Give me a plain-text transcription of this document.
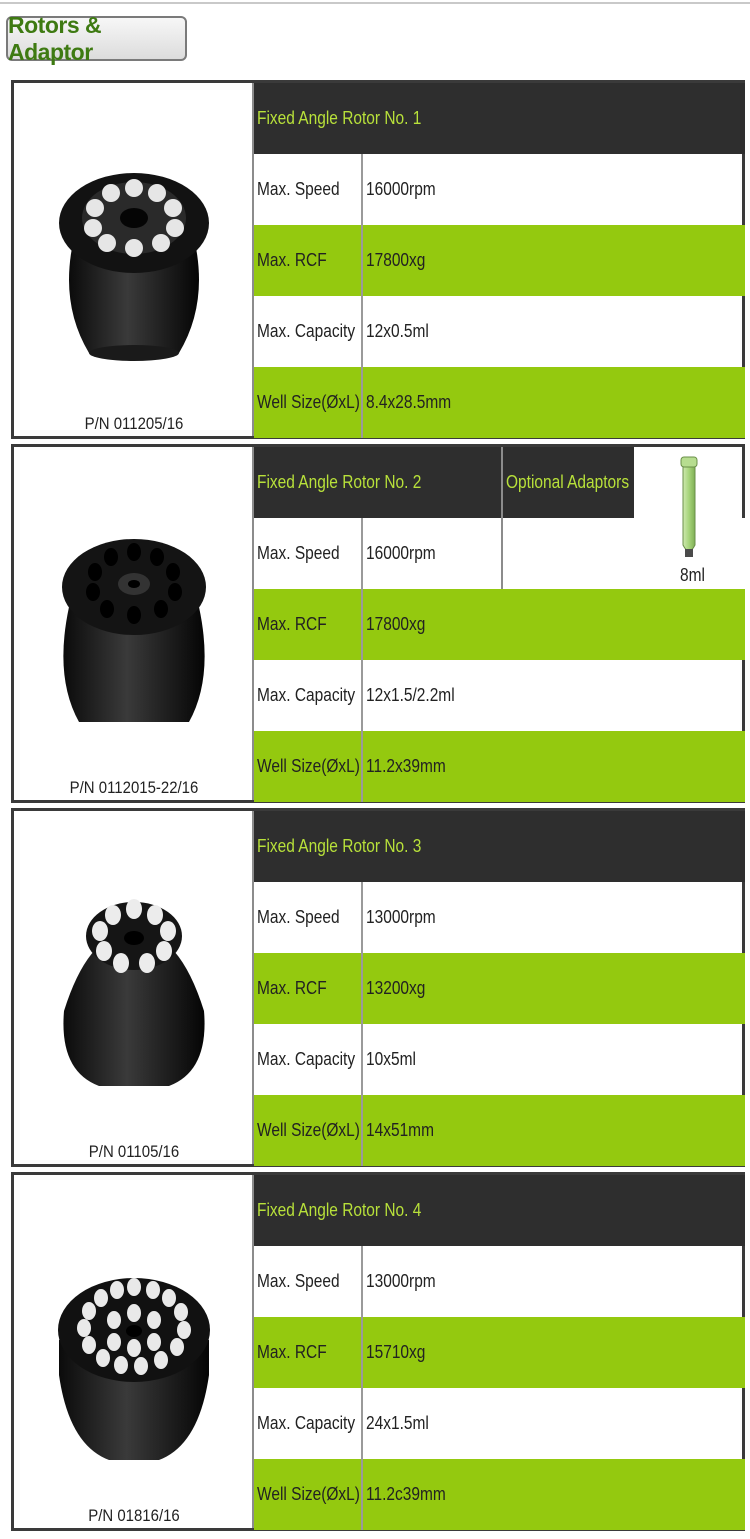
Rotors & Adaptor
P/N 011205/16
Fixed Angle Rotor No. 1
Max. Speed 16000rpm
Max. RCF 17800xg
Max. Capacity 12x0.5ml
Well Size(ØxL) 8.4x28.5mm
P/N 0112015-22/16
Fixed Angle Rotor No. 2	Optional Adaptors
Max. Speed 16000rpm
8ml
Max. RCF 17800xg
Max. Capacity 12x1.5/2.2ml
Well Size(ØxL) 11.2x39mm
P/N 01105/16
Fixed Angle Rotor No. 3
Max. Speed 13000rpm
Max. RCF 13200xg
Max. Capacity 10x5ml
Well Size(ØxL) 14x51mm
P/N 01816/16
Fixed Angle Rotor No. 4
Max. Speed 13000rpm
Max. RCF 15710xg
Max. Capacity 24x1.5ml
Well Size(ØxL) 11.2c39mm
